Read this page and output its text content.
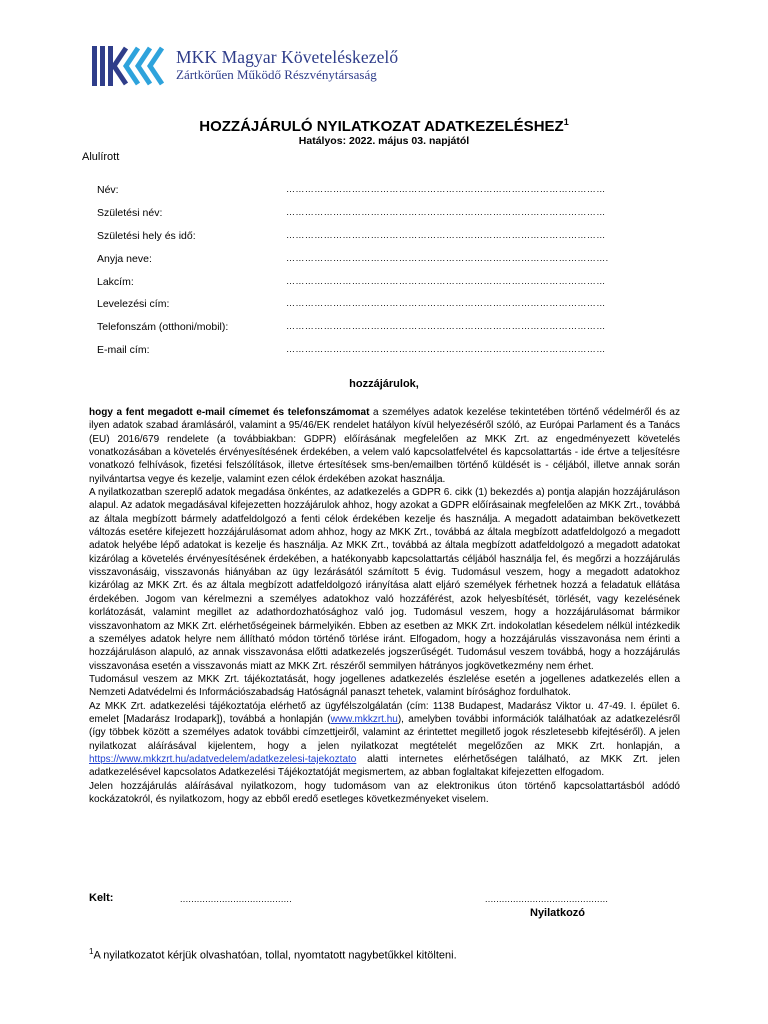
MKK Magyar Követeléskezelő
Zártkörűen Működő Részvénytársaság
HOZZÁJÁRULÓ NYILATKOZAT ADATKEZELÉSHEZ$^1$
Hatályos: 2022. május 03. napjától
Alulírott
Név:	…………………………………………………………………………………………
Születési név:	…………………………………………………………………………………………
Születési hely és idő:	…………………………………………………………………………………………
Anyja neve:	………………………………………………………………………………………….
Lakcím:	…………………………………………………………………………………………
Levelezési cím:	…………………………………………………………………………………………
Telefonszám (otthoni/mobil):	…………………………………………………………………………………………
E-mail cím:	…………………………………………………………………………………………
hozzájárulok,

hogy a fent megadott e-mail címemet és telefonszámomat a személyes adatok kezelése tekintetében történő védelméről és az ilyen adatok szabad áramlásáról, valamint a 95/46/EK rendelet hatályon kívül helyezéséről szóló, az Európai Parlament és a Tanács (EU) 2016/679 rendelete (a továbbiakban: GDPR) előírásának megfelelően az MKK Zrt. az engedményezett követelés vonatkozásában a követelés érvényesítésének érdekében, a velem való kapcsolatfelvétel és kapcsolattartás - ide értve a teljesítésre vonatkozó felhívások, fizetési felszólítások, illetve értesítések sms-ben/emailben történő küldését is - céljából, illetve annak során nyilvántartsa vegye és kezelje, valamint ezen célok érdekében azokat használja.

A nyilatkozatban szereplő adatok megadása önkéntes, az adatkezelés a GDPR 6. cikk (1) bekezdés a) pontja alapján hozzájáruláson alapul. Az adatok megadásával kifejezetten hozzájárulok ahhoz, hogy azokat a GDPR előírásainak megfelelően az MKK Zrt., továbbá az általa megbízott bármely adatfeldolgozó a fenti célok érdekében kezelje és használja. A megadott adataimban bekövetkezett változás esetére kifejezett hozzájárulásomat adom ahhoz, hogy az MKK Zrt., továbbá az általa megbízott adatfeldolgozó a megadott adatok helyébe lépő adatokat is kezelje és használja. Az MKK Zrt., továbbá az általa megbízott adatfeldolgozó a megadott adatokat kizárólag a követelés érvényesítésének érdekében, a hatékonyabb kapcsolattartás céljából használja fel, és megőrzi a hozzájárulás visszavonásáig, visszavonás hiányában az ügy lezárásától számított 5 évig. Tudomásul veszem, hogy a megadott adatokhoz kizárólag az MKK Zrt. és az általa megbízott adatfeldolgozó irányítása alatt eljáró személyek férhetnek hozzá a feladatuk ellátása érdekében. Jogom van kérelmezni a személyes adatokhoz való hozzáférést, azok helyesbítését, törlését, vagy kezelésének korlátozását, valamint megillet az adathordozhatósághoz való jog. Tudomásul veszem, hogy a hozzájárulásomat bármikor visszavonhatom az MKK Zrt. elérhetőségeinek bármelyikén. Ebben az esetben az MKK Zrt. indokolatlan késedelem nélkül intézkedik a személyes adatok helyre nem állítható módon történő törlése iránt. Elfogadom, hogy a hozzájárulás visszavonása nem érinti a hozzájáruláson alapuló, az annak visszavonása előtti adatkezelés jogszerűségét. Tudomásul veszem továbbá, hogy a hozzájárulás visszavonása esetén a visszavonás miatt az MKK Zrt. részéről semmilyen hátrányos jogkövetkezmény nem érhet.

Tudomásul veszem az MKK Zrt. tájékoztatását, hogy jogellenes adatkezelés észlelése esetén a jogellenes adatkezelés ellen a Nemzeti Adatvédelmi és Információszabadság Hatóságnál panaszt tehetek, valamint bírósághoz fordulhatok.

Az MKK Zrt. adatkezelési tájékoztatója elérhető az ügyfélszolgálatán (cím: 1138 Budapest, Madarász Viktor u. 47-49. I. épület 6. emelet [Madarász Irodapark]), továbbá a honlapján (www.mkkzrt.hu), amelyben további információk találhatóak az adatkezelésről (így többek között a személyes adatok további címzettjeiről, valamint az érintettet megillető jogok részletesebb kifejtéséről). A jelen nyilatkozat aláírásával kijelentem, hogy a jelen nyilatkozat megtételét megelőzően az MKK Zrt. honlapján, a https://www.mkkzrt.hu/adatvedelem/adatkezelesi-tajekoztato alatti internetes elérhetőségen található, az MKK Zrt. jelen adatkezelésével kapcsolatos Adatkezelési Tájékoztatóját megismertem, az abban foglaltakat kifejezetten elfogadom.

Jelen hozzájárulás aláírásával nyilatkozom, hogy tudomásom van az elektronikus úton történő kapcsolattartásból adódó kockázatokról, és nyilatkozom, hogy az ebből eredő esetleges következményeket viselem.

Kelt:	........................................	............................................
Nyilatkozó
$^1$A nyilatkozatot kérjük olvashatóan, tollal, nyomtatott nagybetűkkel kitölteni.
